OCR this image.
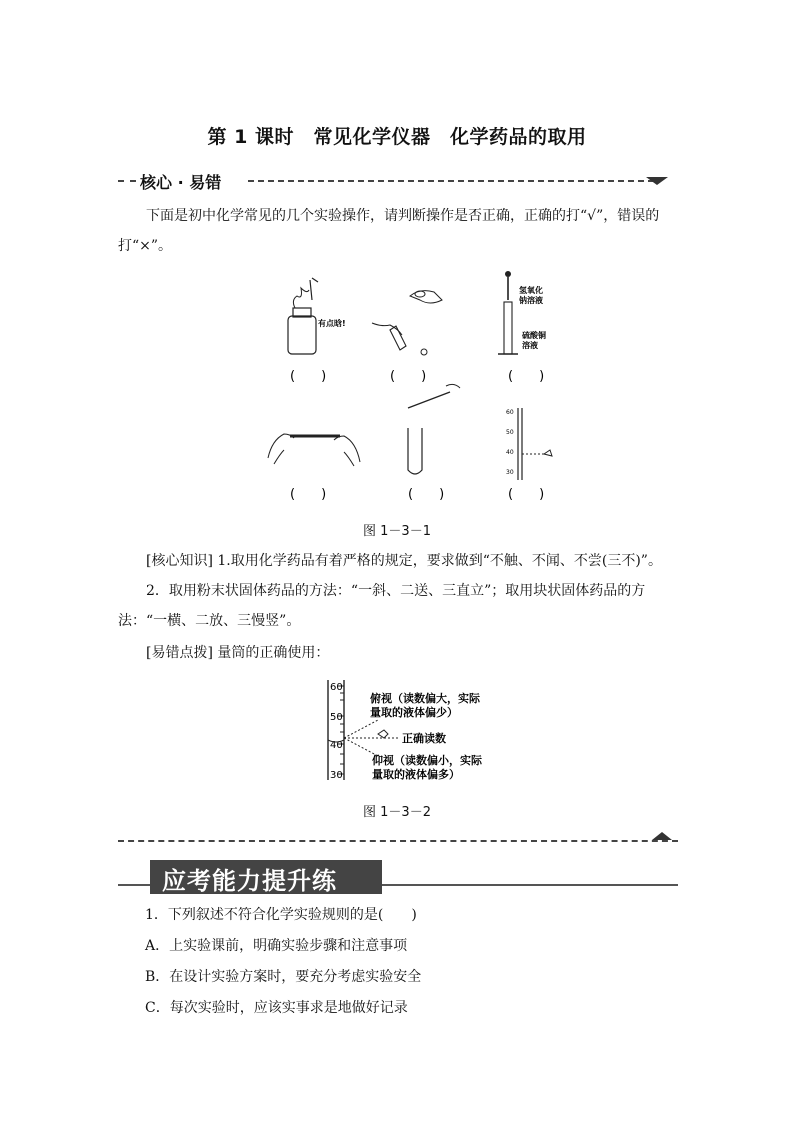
第 1 课时　常见化学仪器　化学药品的取用
核心 · 易错
下面是初中化学常见的几个实验操作，请判断操作是否正确，正确的打“√”，错误的打“×”。
有点晗!
氢氧化钠溶液
硫酸铜溶液
(　　)	(　　)	(　　)
60
50
40
30
(　　)	(　　)	(　　)
图 1－3－1
[核心知识] 1.取用化学药品有着严格的规定，要求做到“不触、不闻、不尝(三不)”。
2．取用粉末状固体药品的方法：“一斜、二送、三直立”；取用块状固体药品的方法：“一横、二放、三慢竖”。
[易错点拨] 量筒的正确使用：
60
50
40
30
俯视（读数偏大，实际
量取的液体偏少）
正确读数
仰视（读数偏小，实际
量取的液体偏多）
图 1－3－2
应考能力提升练
1．下列叙述不符合化学实验规则的是(　　)
A．上实验课前，明确实验步骤和注意事项
B．在设计实验方案时，要充分考虑实验安全
C．每次实验时，应该实事求是地做好记录
